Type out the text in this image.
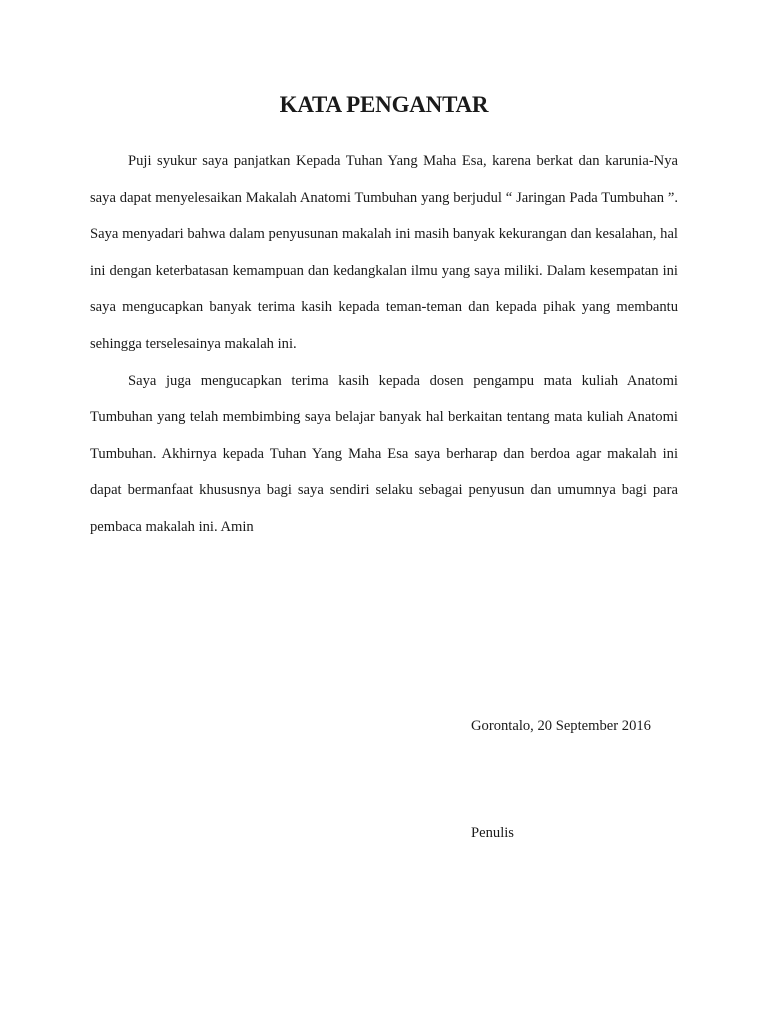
KATA PENGANTAR

Puji syukur saya panjatkan Kepada Tuhan Yang Maha Esa, karena berkat dan karunia-Nya saya dapat menyelesaikan Makalah Anatomi Tumbuhan yang berjudul “ Jaringan Pada Tumbuhan ”. Saya menyadari bahwa dalam penyusunan makalah ini masih banyak kekurangan dan kesalahan, hal ini dengan keterbatasan kemampuan dan kedangkalan ilmu yang saya miliki. Dalam kesempatan ini saya mengucapkan banyak terima kasih kepada teman-teman dan kepada pihak yang membantu sehingga terselesainya makalah ini.

Saya juga mengucapkan terima kasih kepada dosen pengampu mata kuliah Anatomi Tumbuhan yang telah membimbing saya belajar banyak hal berkaitan tentang mata kuliah Anatomi Tumbuhan. Akhirnya kepada Tuhan Yang Maha Esa saya berharap dan berdoa agar makalah ini dapat bermanfaat khususnya bagi saya sendiri selaku sebagai penyusun dan umumnya bagi para pembaca makalah ini. Amin

Gorontalo, 20 September 2016

Penulis
